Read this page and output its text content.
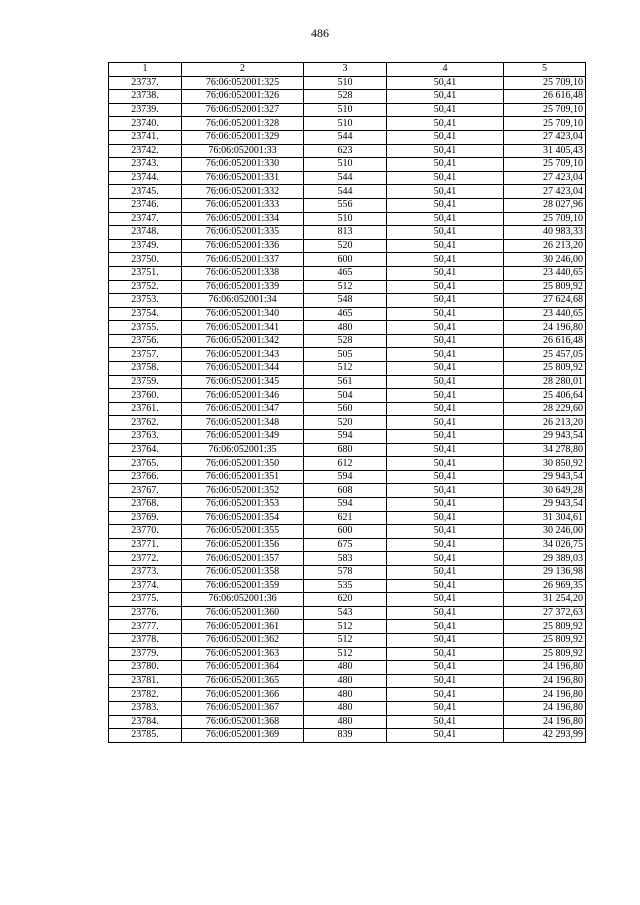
486
1	2	3	4	5
23737.	76:06:052001:325	510	50,41	25 709,10
23738.	76:06:052001:326	528	50,41	26 616,48
23739.	76:06:052001:327	510	50,41	25 709,10
23740.	76:06:052001:328	510	50,41	25 709,10
23741.	76:06:052001:329	544	50,41	27 423,04
23742.	76:06:052001:33	623	50,41	31 405,43
23743.	76:06:052001:330	510	50,41	25 709,10
23744.	76:06:052001:331	544	50,41	27 423,04
23745.	76:06:052001:332	544	50,41	27 423,04
23746.	76:06:052001:333	556	50,41	28 027,96
23747.	76:06:052001:334	510	50,41	25 709,10
23748.	76:06:052001:335	813	50,41	40 983,33
23749.	76:06:052001:336	520	50,41	26 213,20
23750.	76:06:052001:337	600	50,41	30 246,00
23751.	76:06:052001:338	465	50,41	23 440,65
23752.	76:06:052001:339	512	50,41	25 809,92
23753.	76:06:052001:34	548	50,41	27 624,68
23754.	76:06:052001:340	465	50,41	23 440,65
23755.	76:06:052001:341	480	50,41	24 196,80
23756.	76:06:052001:342	528	50,41	26 616,48
23757.	76:06:052001:343	505	50,41	25 457,05
23758.	76:06:052001:344	512	50,41	25 809,92
23759.	76:06:052001:345	561	50,41	28 280,01
23760.	76:06:052001:346	504	50,41	25 406,64
23761.	76:06:052001:347	560	50,41	28 229,60
23762.	76:06:052001:348	520	50,41	26 213,20
23763.	76:06:052001:349	594	50,41	29 943,54
23764.	76:06:052001:35	680	50,41	34 278,80
23765.	76:06:052001:350	612	50,41	30 850,92
23766.	76:06:052001:351	594	50,41	29 943,54
23767.	76:06:052001:352	608	50,41	30 649,28
23768.	76:06:052001:353	594	50,41	29 943,54
23769.	76:06:052001:354	621	50,41	31 304,61
23770.	76:06:052001:355	600	50,41	30 246,00
23771.	76:06:052001:356	675	50,41	34 026,75
23772.	76:06:052001:357	583	50,41	29 389,03
23773.	76:06:052001:358	578	50,41	29 136,98
23774.	76:06:052001:359	535	50,41	26 969,35
23775.	76:06:052001:36	620	50,41	31 254,20
23776.	76:06:052001:360	543	50,41	27 372,63
23777.	76:06:052001:361	512	50,41	25 809,92
23778.	76:06:052001:362	512	50,41	25 809,92
23779.	76:06:052001:363	512	50,41	25 809,92
23780.	76:06:052001:364	480	50,41	24 196,80
23781.	76:06:052001:365	480	50,41	24 196,80
23782.	76:06:052001:366	480	50,41	24 196,80
23783.	76:06:052001:367	480	50,41	24 196,80
23784.	76:06:052001:368	480	50,41	24 196,80
23785.	76:06:052001:369	839	50,41	42 293,99
